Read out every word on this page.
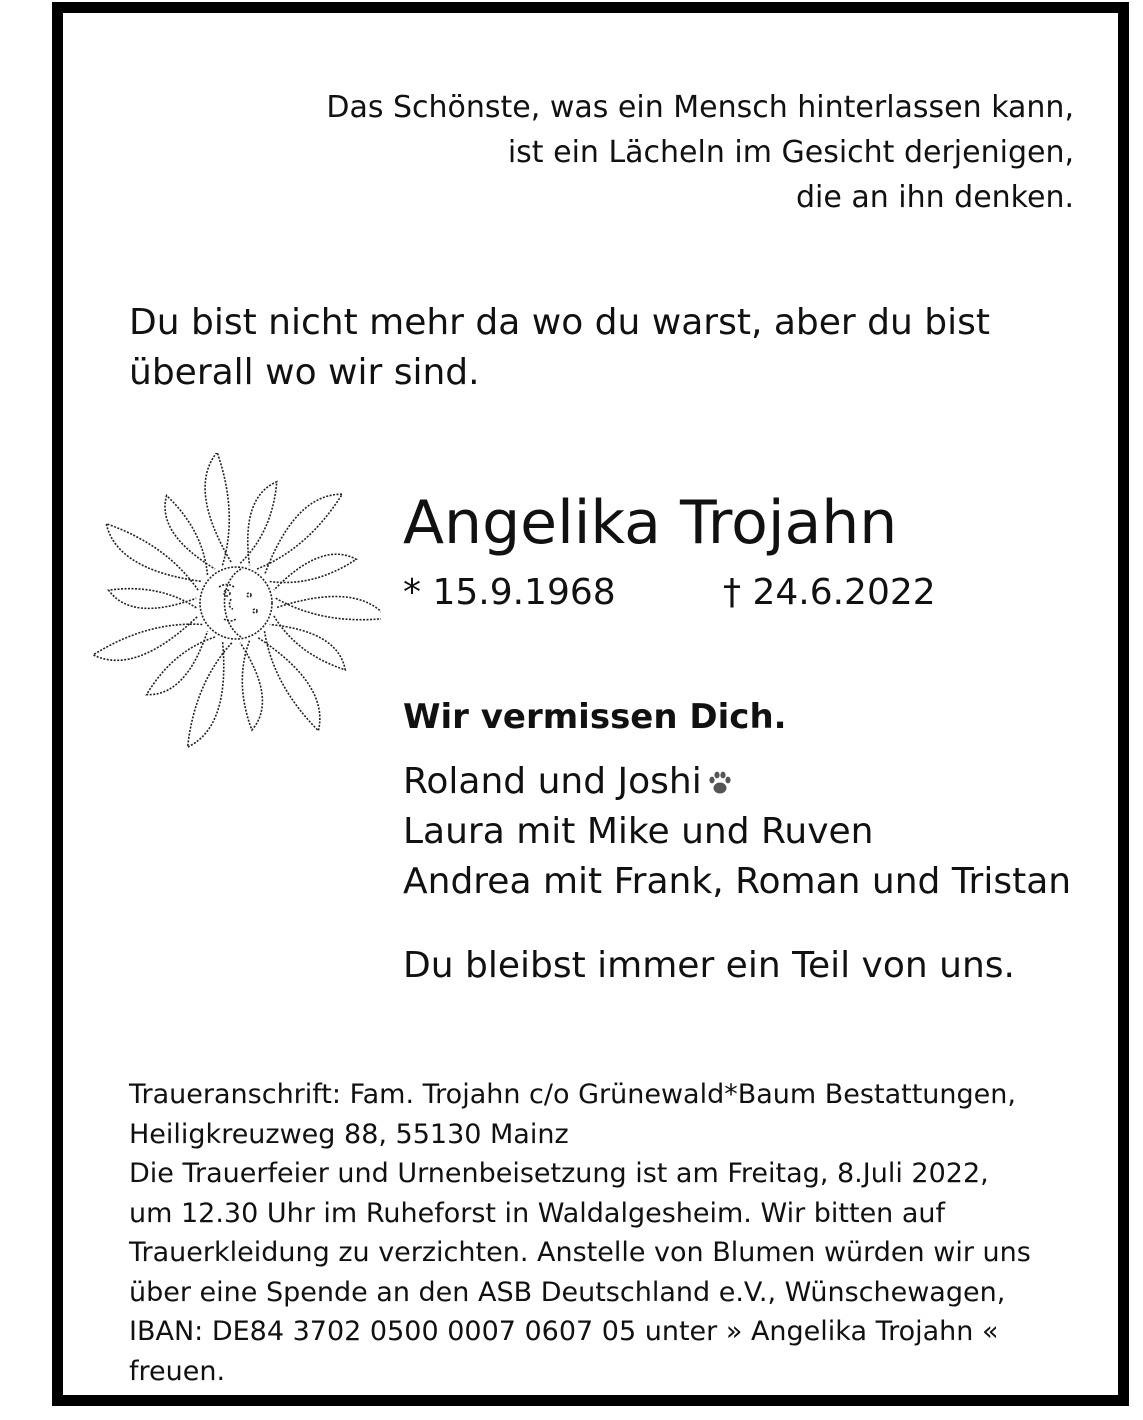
Das Schönste, was ein Mensch hinterlassen kann,
ist ein Lächeln im Gesicht derjenigen,
die an ihn denken.
Du bist nicht mehr da wo du warst, aber du bist
überall wo wir sind.
Angelika Trojahn
* 15.9.1968	† 24.6.2022
Wir vermissen Dich.
Roland und Joshi
Laura mit Mike und Ruven
Andrea mit Frank, Roman und Tristan
Du bleibst immer ein Teil von uns.

Traueranschrift: Fam. Trojahn c/o Grünewald*Baum Bestattungen,

Heiligkreuzweg 88, 55130 Mainz

Die Trauerfeier und Urnenbeisetzung ist am Freitag, 8.Juli 2022,

um 12.30 Uhr im Ruheforst in Waldalgesheim. Wir bitten auf

Trauerkleidung zu verzichten. Anstelle von Blumen würden wir uns

über eine Spende an den ASB Deutschland e.V., Wünschewagen,

IBAN: DE84 3702 0500 0007 0607 05 unter » Angelika Trojahn «

freuen.
